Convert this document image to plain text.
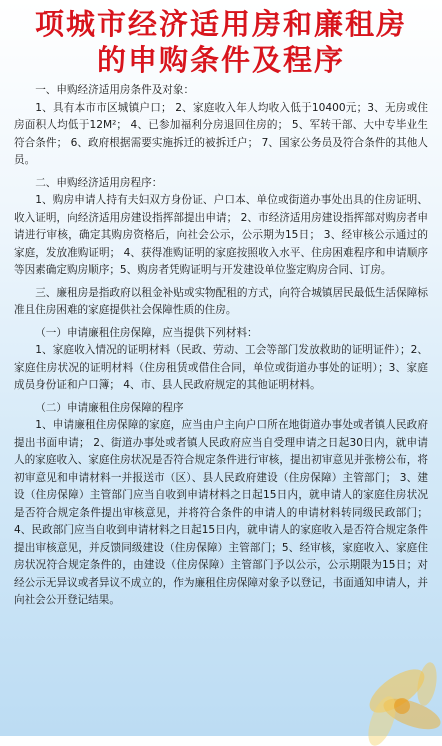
项城市经济适用房和廉租房
的申购条件及程序

一、申购经济适用房条件及对象：

1、具有本市市区城镇户口； 2、家庭收入年人均收入低于10400元；3、无房或住房面积人均低于12M²； 4、已参加福利分房退回住房的； 5、军转干部、大中专毕业生符合条件； 6、政府根据需要实施拆迁的被拆迁户； 7、国家公务员及符合条件的其他人员。

二、申购经济适用房程序：

1、购房申请人持有夫妇双方身份证、户口本、单位或街道办事处出具的住房证明、收入证明，向经济适用房建设指挥部提出申请； 2、市经济适用房建设指挥部对购房者申请进行审核，确定其购房资格后，向社会公示，公示期为15日； 3、经审核公示通过的家庭，发放准购证明； 4、获得准购证明的家庭按照收入水平、住房困难程序和申请顺序等因素确定购房顺序；5、购房者凭购证明与开发建设单位鉴定购房合同、订房。

三、廉租房是指政府以租金补贴或实物配租的方式，向符合城镇居民最低生活保障标准且住房困难的家庭提供社会保障性质的住房。

（一）申请廉租住房保障，应当提供下列材料：

1、家庭收入情况的证明材料（民政、劳动、工会等部门发放救助的证明证件）；2、家庭住房状况的证明材料（住房租赁或借住合同，单位或街道办事处的证明）；3、家庭成员身份证和户口簿； 4、市、县人民政府规定的其他证明材料。

（二）申请廉租住房保障的程序

1、申请廉租住房保障的家庭，应当由户主向户口所在地街道办事处或者镇人民政府提出书面申请； 2、街道办事处或者镇人民政府应当自受理申请之日起30日内，就申请人的家庭收入、家庭住房状况是否符合规定条件进行审核，提出初审意见并张榜公布，将初审意见和申请材料一并报送市（区）、县人民政府建设（住房保障）主管部门； 3、建设（住房保障）主管部门应当自收到申请材料之日起15日内，就申请人的家庭住房状况是否符合规定条件提出审核意见，并将符合条件的申请人的申请材料转同级民政部门； 4、民政部门应当自收到申请材料之日起15日内，就申请人的家庭收入是否符合规定条件提出审核意见，并反馈同级建设（住房保障）主管部门；5、经审核，家庭收入、家庭住房状况符合规定条件的，由建设（住房保障）主管部门予以公示，公示期限为15日；对经公示无异议或者异议不成立的，作为廉租住房保障对象予以登记，书面通知申请人，并向社会公开登记结果。
